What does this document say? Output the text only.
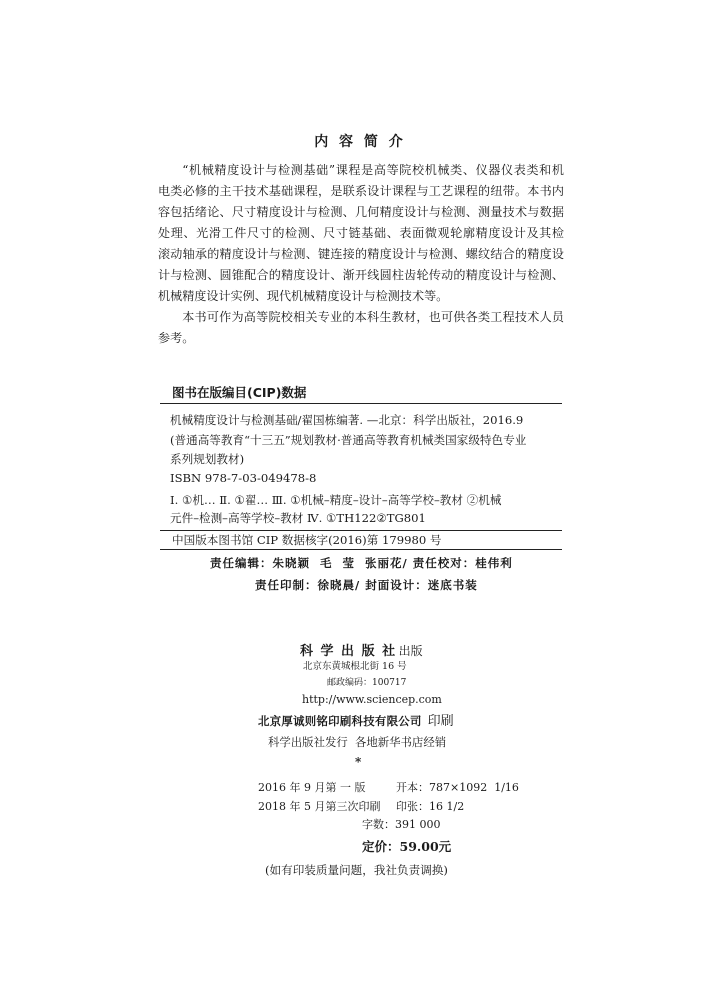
内 容 简 介
“机械精度设计与检测基础”课程是高等院校机械类、仪器仪表类和机
电类必修的主干技术基础课程，是联系设计课程与工艺课程的纽带。本书内
容包括绪论、尺寸精度设计与检测、几何精度设计与检测、测量技术与数据
处理、光滑工件尺寸的检测、尺寸链基础、表面微观轮廓精度设计及其检
滚动轴承的精度设计与检测、键连接的精度设计与检测、螺纹结合的精度设
计与检测、圆锥配合的精度设计、渐开线圆柱齿轮传动的精度设计与检测、
机械精度设计实例、现代机械精度设计与检测技术等。
本书可作为高等院校相关专业的本科生教材，也可供各类工程技术人员
参考。
图书在版编目(CIP)数据
机械精度设计与检测基础/翟国栋编著. —北京：科学出版社，2016.9
(普通高等教育“十三五”规划教材·普通高等教育机械类国家级特色专业
系列规划教材)
ISBN 978-7-03-049478-8
Ⅰ. ①机… Ⅱ. ①翟… Ⅲ. ①机械–精度–设计–高等学校–教材 ②机械
元件–检测–高等学校–教材 Ⅳ. ①TH122②TG801
中国版本图书馆 CIP 数据核字(2016)第 179980 号
责任编辑：朱晓颖  毛  莹  张丽花/ 责任校对：桂伟利
责任印制：徐晓晨/ 封面设计：迷底书装
科 学 出 版 社 出版
北京东黄城根北街 16 号
邮政编码：100717
http://www.sciencep.com
北京厚诚则铭印刷科技有限公司 印刷
科学出版社发行  各地新华书店经销
*
2016 年 9 月第 一 版	开本：787×1092  1/16
2018 年 5 月第三次印刷 印张：16 1/2
字数：391 000
定价：59.00元
(如有印装质量问题，我社负责调换)
